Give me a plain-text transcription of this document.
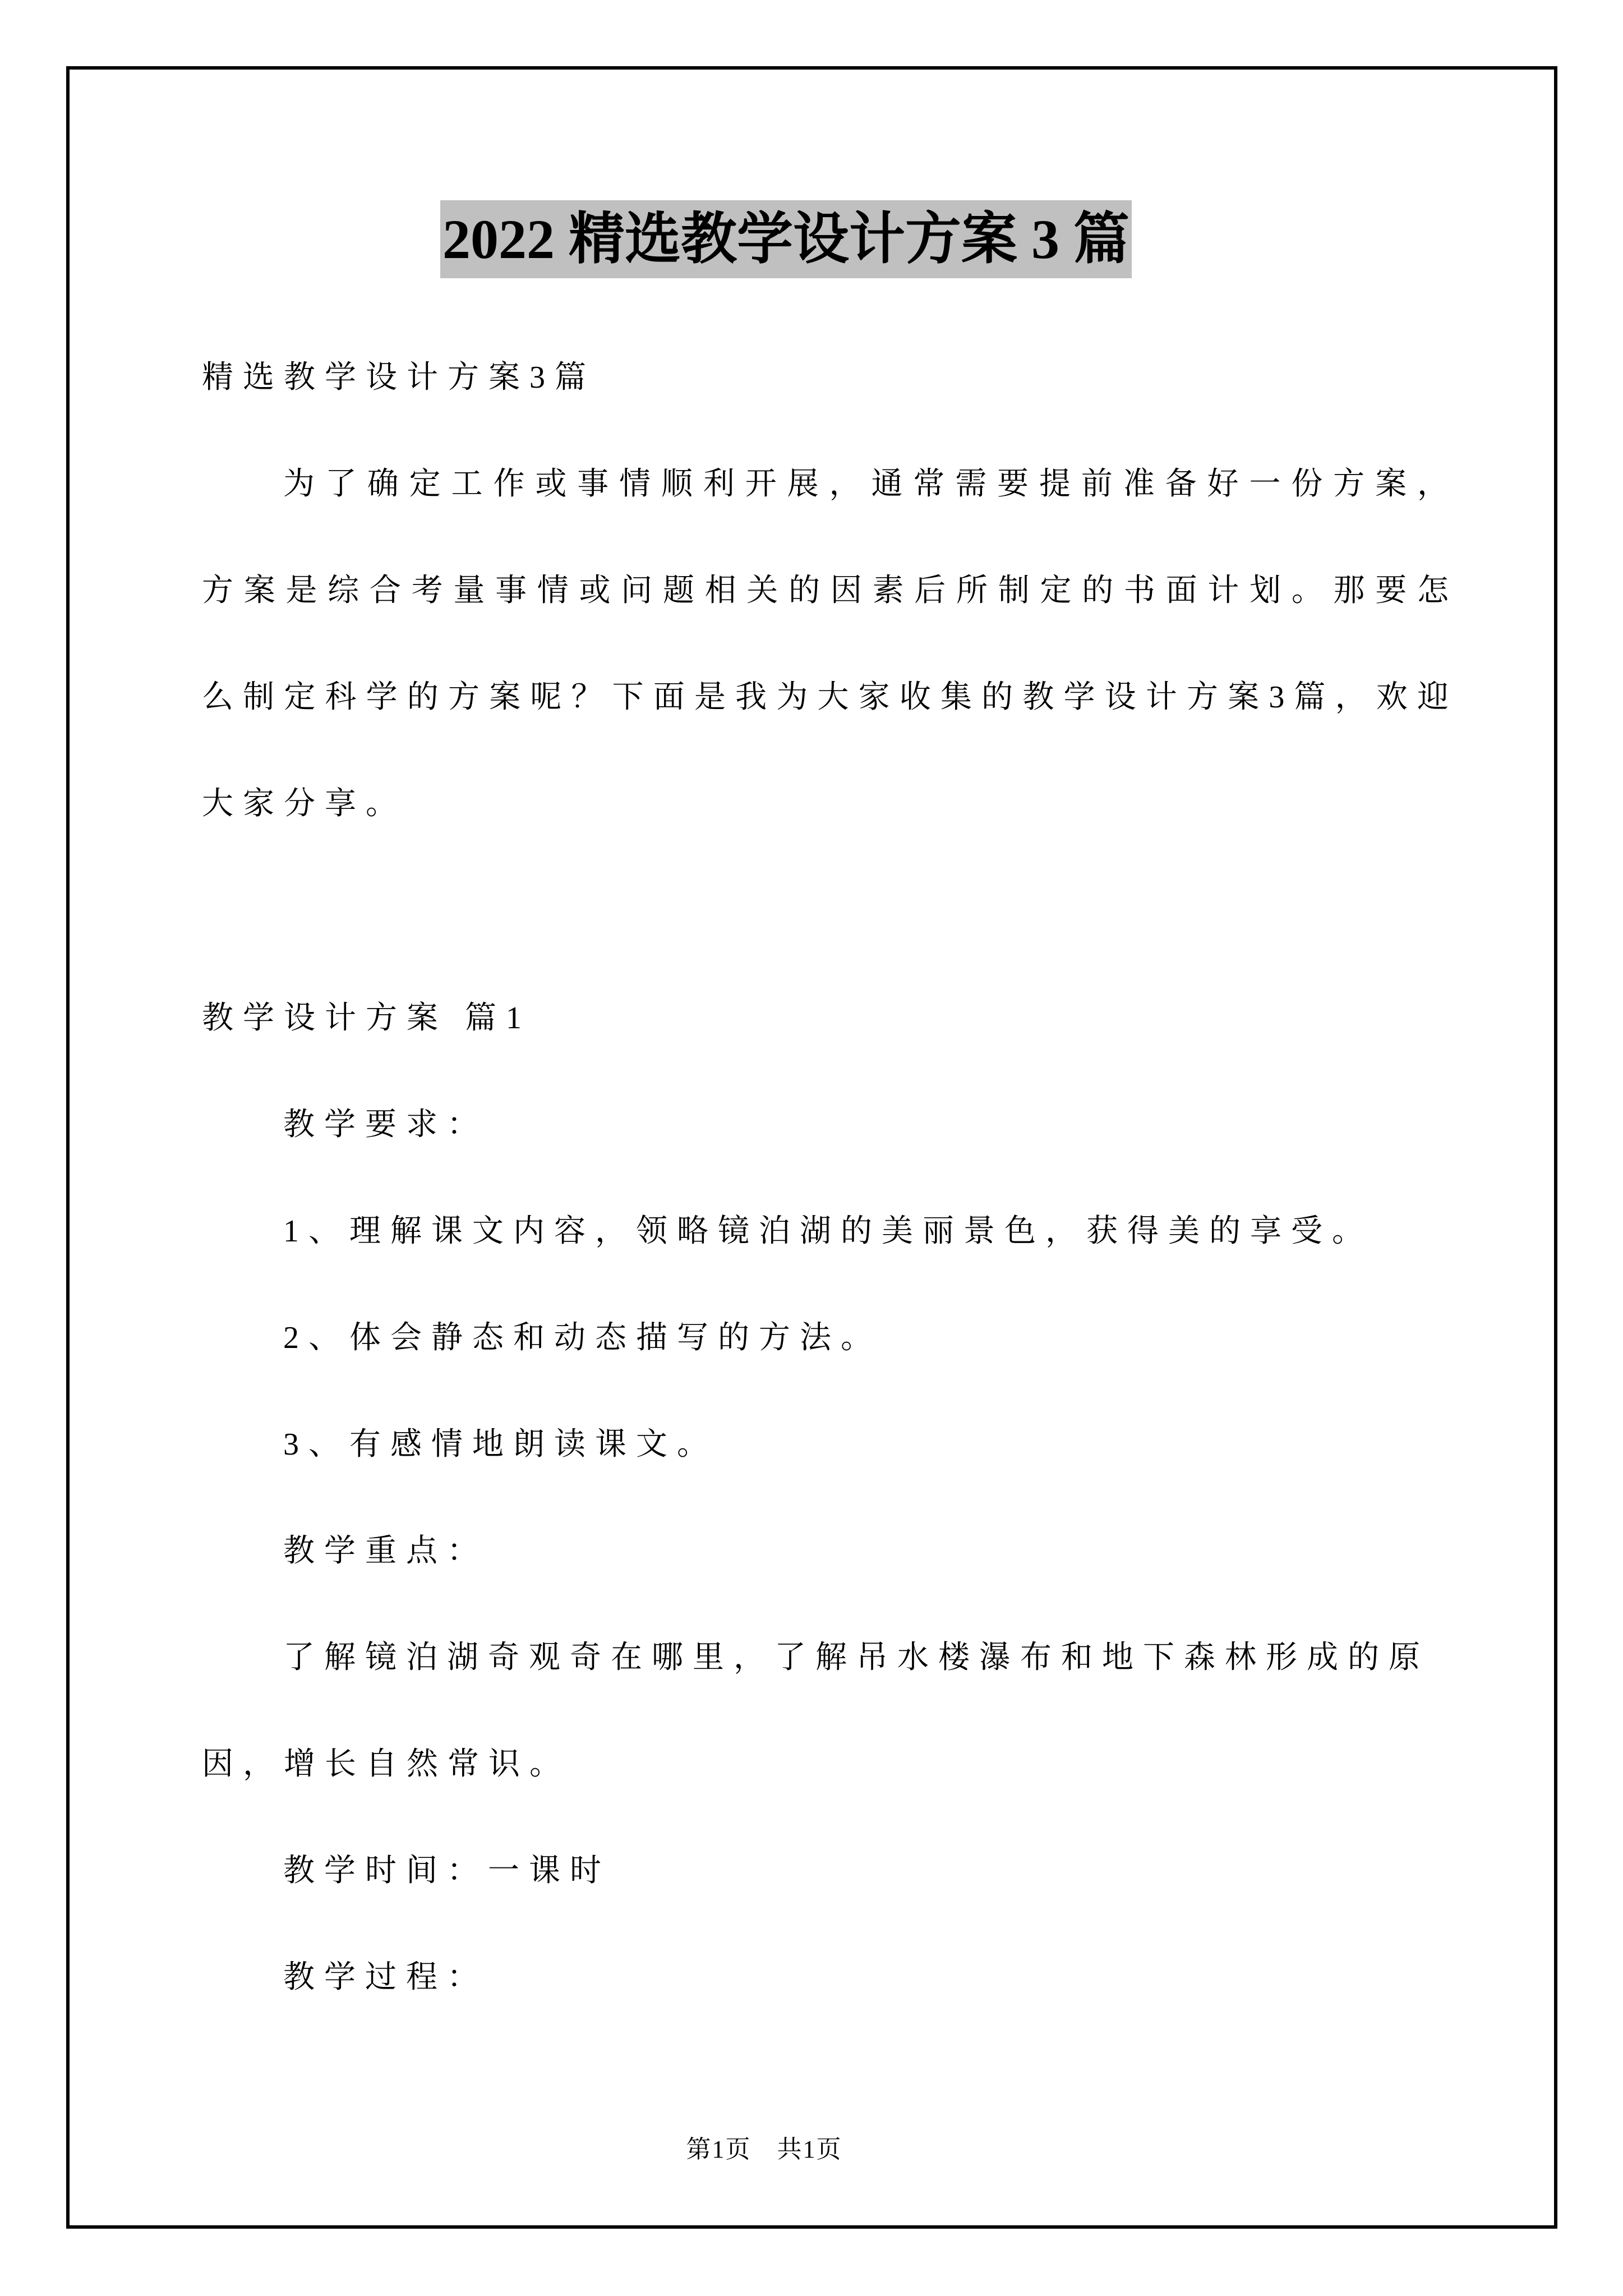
2022 精选教学设计方案 3 篇

精选教学设计方案3篇

为了确定工作或事情顺利开展，通常需要提前准备好一份方案，方案是综合考量事情或问题相关的因素后所制定的书面计划。那要怎么制定科学的方案呢？下面是我为大家收集的教学设计方案3篇，欢迎大家分享。

教学设计方案 篇1

教学要求：

1、理解课文内容，领略镜泊湖的美丽景色，获得美的享受。

2、体会静态和动态描写的方法。

3、有感情地朗读课文。

教学重点：

了解镜泊湖奇观奇在哪里，了解吊水楼瀑布和地下森林形成的原因，增长自然常识。

教学时间：一课时

教学过程：

第1页　共1页
